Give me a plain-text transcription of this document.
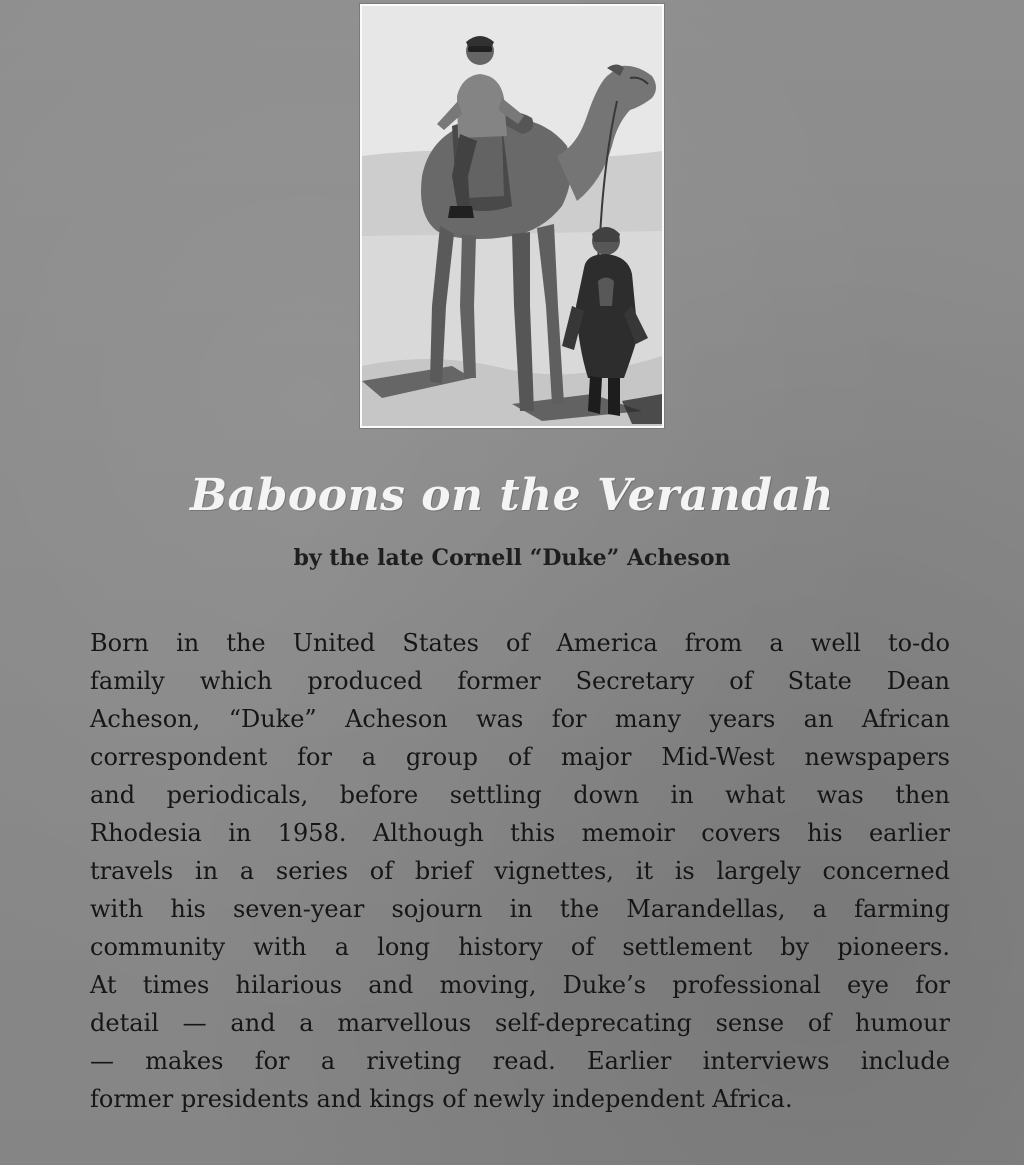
Baboons on the Verandah

by the late Cornell “Duke” Acheson

Born in the United States of America from a well to-do
family which produced former Secretary of State Dean
Acheson, “Duke” Acheson was for many years an African
correspondent for a group of major Mid-West newspapers
and periodicals, before settling down in what was then
Rhodesia in 1958. Although this memoir covers his earlier
travels in a series of brief vignettes, it is largely concerned
with his seven-year sojourn in the Marandellas, a farming
community with a long history of settlement by pioneers.
At times hilarious and moving, Duke’s professional eye for
detail — and a marvellous self-deprecating sense of humour
— makes for a riveting read. Earlier interviews include
former presidents and kings of newly independent Africa.
